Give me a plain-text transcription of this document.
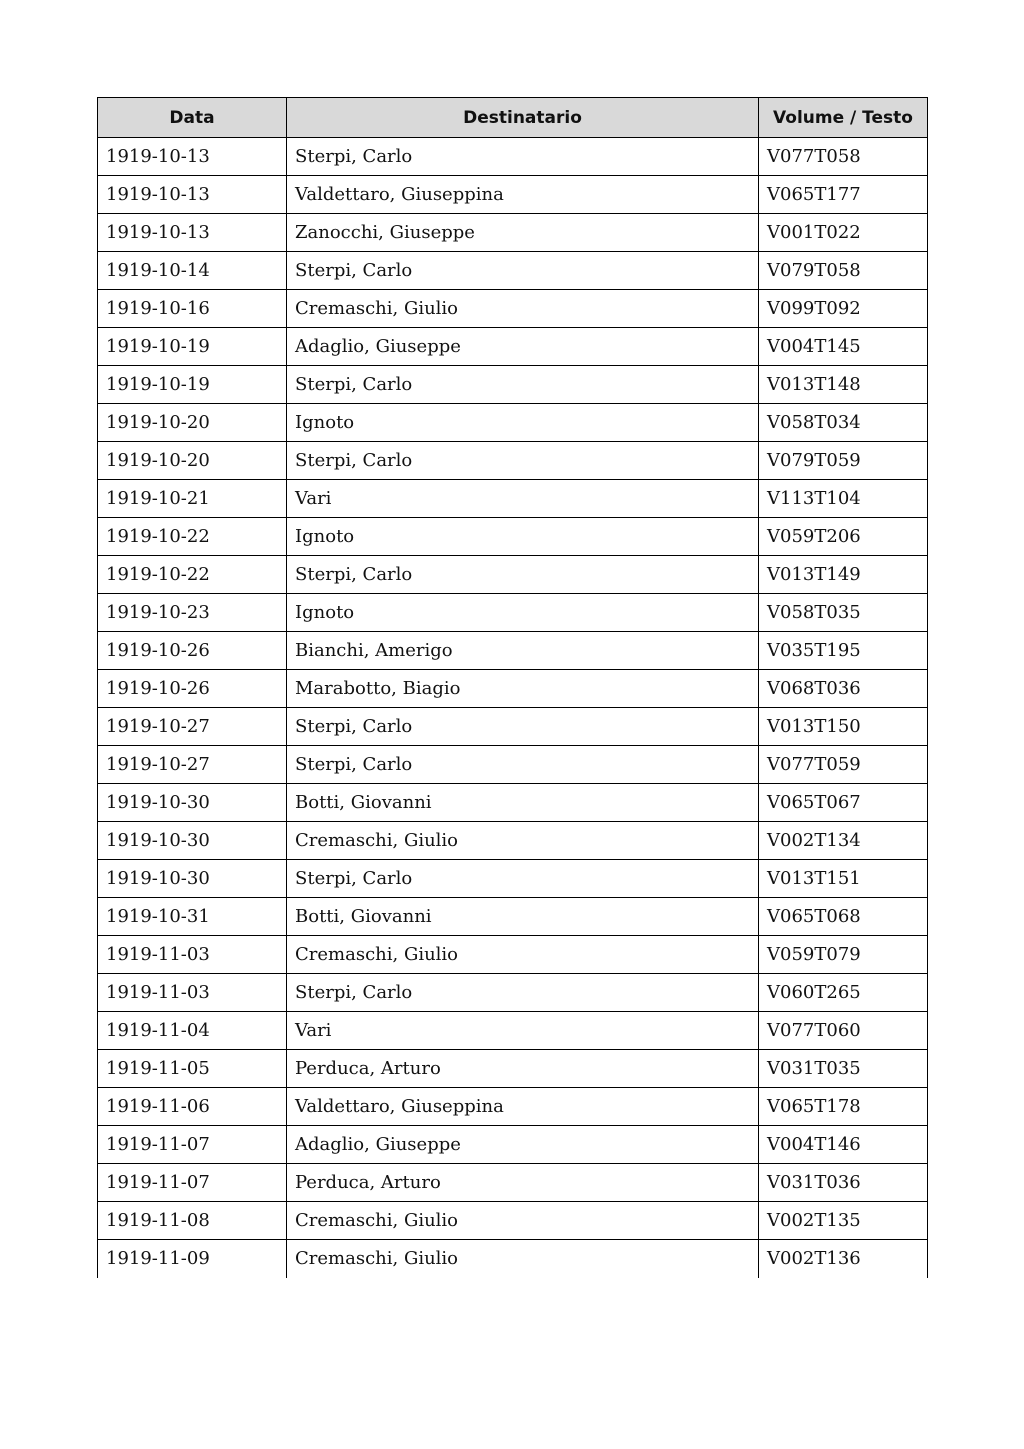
Data	Destinatario	Volume / Testo
1919-10-13	Sterpi, Carlo	V077T058
1919-10-13	Valdettaro, Giuseppina	V065T177
1919-10-13	Zanocchi, Giuseppe	V001T022
1919-10-14	Sterpi, Carlo	V079T058
1919-10-16	Cremaschi, Giulio	V099T092
1919-10-19	Adaglio, Giuseppe	V004T145
1919-10-19	Sterpi, Carlo	V013T148
1919-10-20	Ignoto	V058T034
1919-10-20	Sterpi, Carlo	V079T059
1919-10-21	Vari	V113T104
1919-10-22	Ignoto	V059T206
1919-10-22	Sterpi, Carlo	V013T149
1919-10-23	Ignoto	V058T035
1919-10-26	Bianchi, Amerigo	V035T195
1919-10-26	Marabotto, Biagio	V068T036
1919-10-27	Sterpi, Carlo	V013T150
1919-10-27	Sterpi, Carlo	V077T059
1919-10-30	Botti, Giovanni	V065T067
1919-10-30	Cremaschi, Giulio	V002T134
1919-10-30	Sterpi, Carlo	V013T151
1919-10-31	Botti, Giovanni	V065T068
1919-11-03	Cremaschi, Giulio	V059T079
1919-11-03	Sterpi, Carlo	V060T265
1919-11-04	Vari	V077T060
1919-11-05	Perduca, Arturo	V031T035
1919-11-06	Valdettaro, Giuseppina	V065T178
1919-11-07	Adaglio, Giuseppe	V004T146
1919-11-07	Perduca, Arturo	V031T036
1919-11-08	Cremaschi, Giulio	V002T135
1919-11-09	Cremaschi, Giulio	V002T136
